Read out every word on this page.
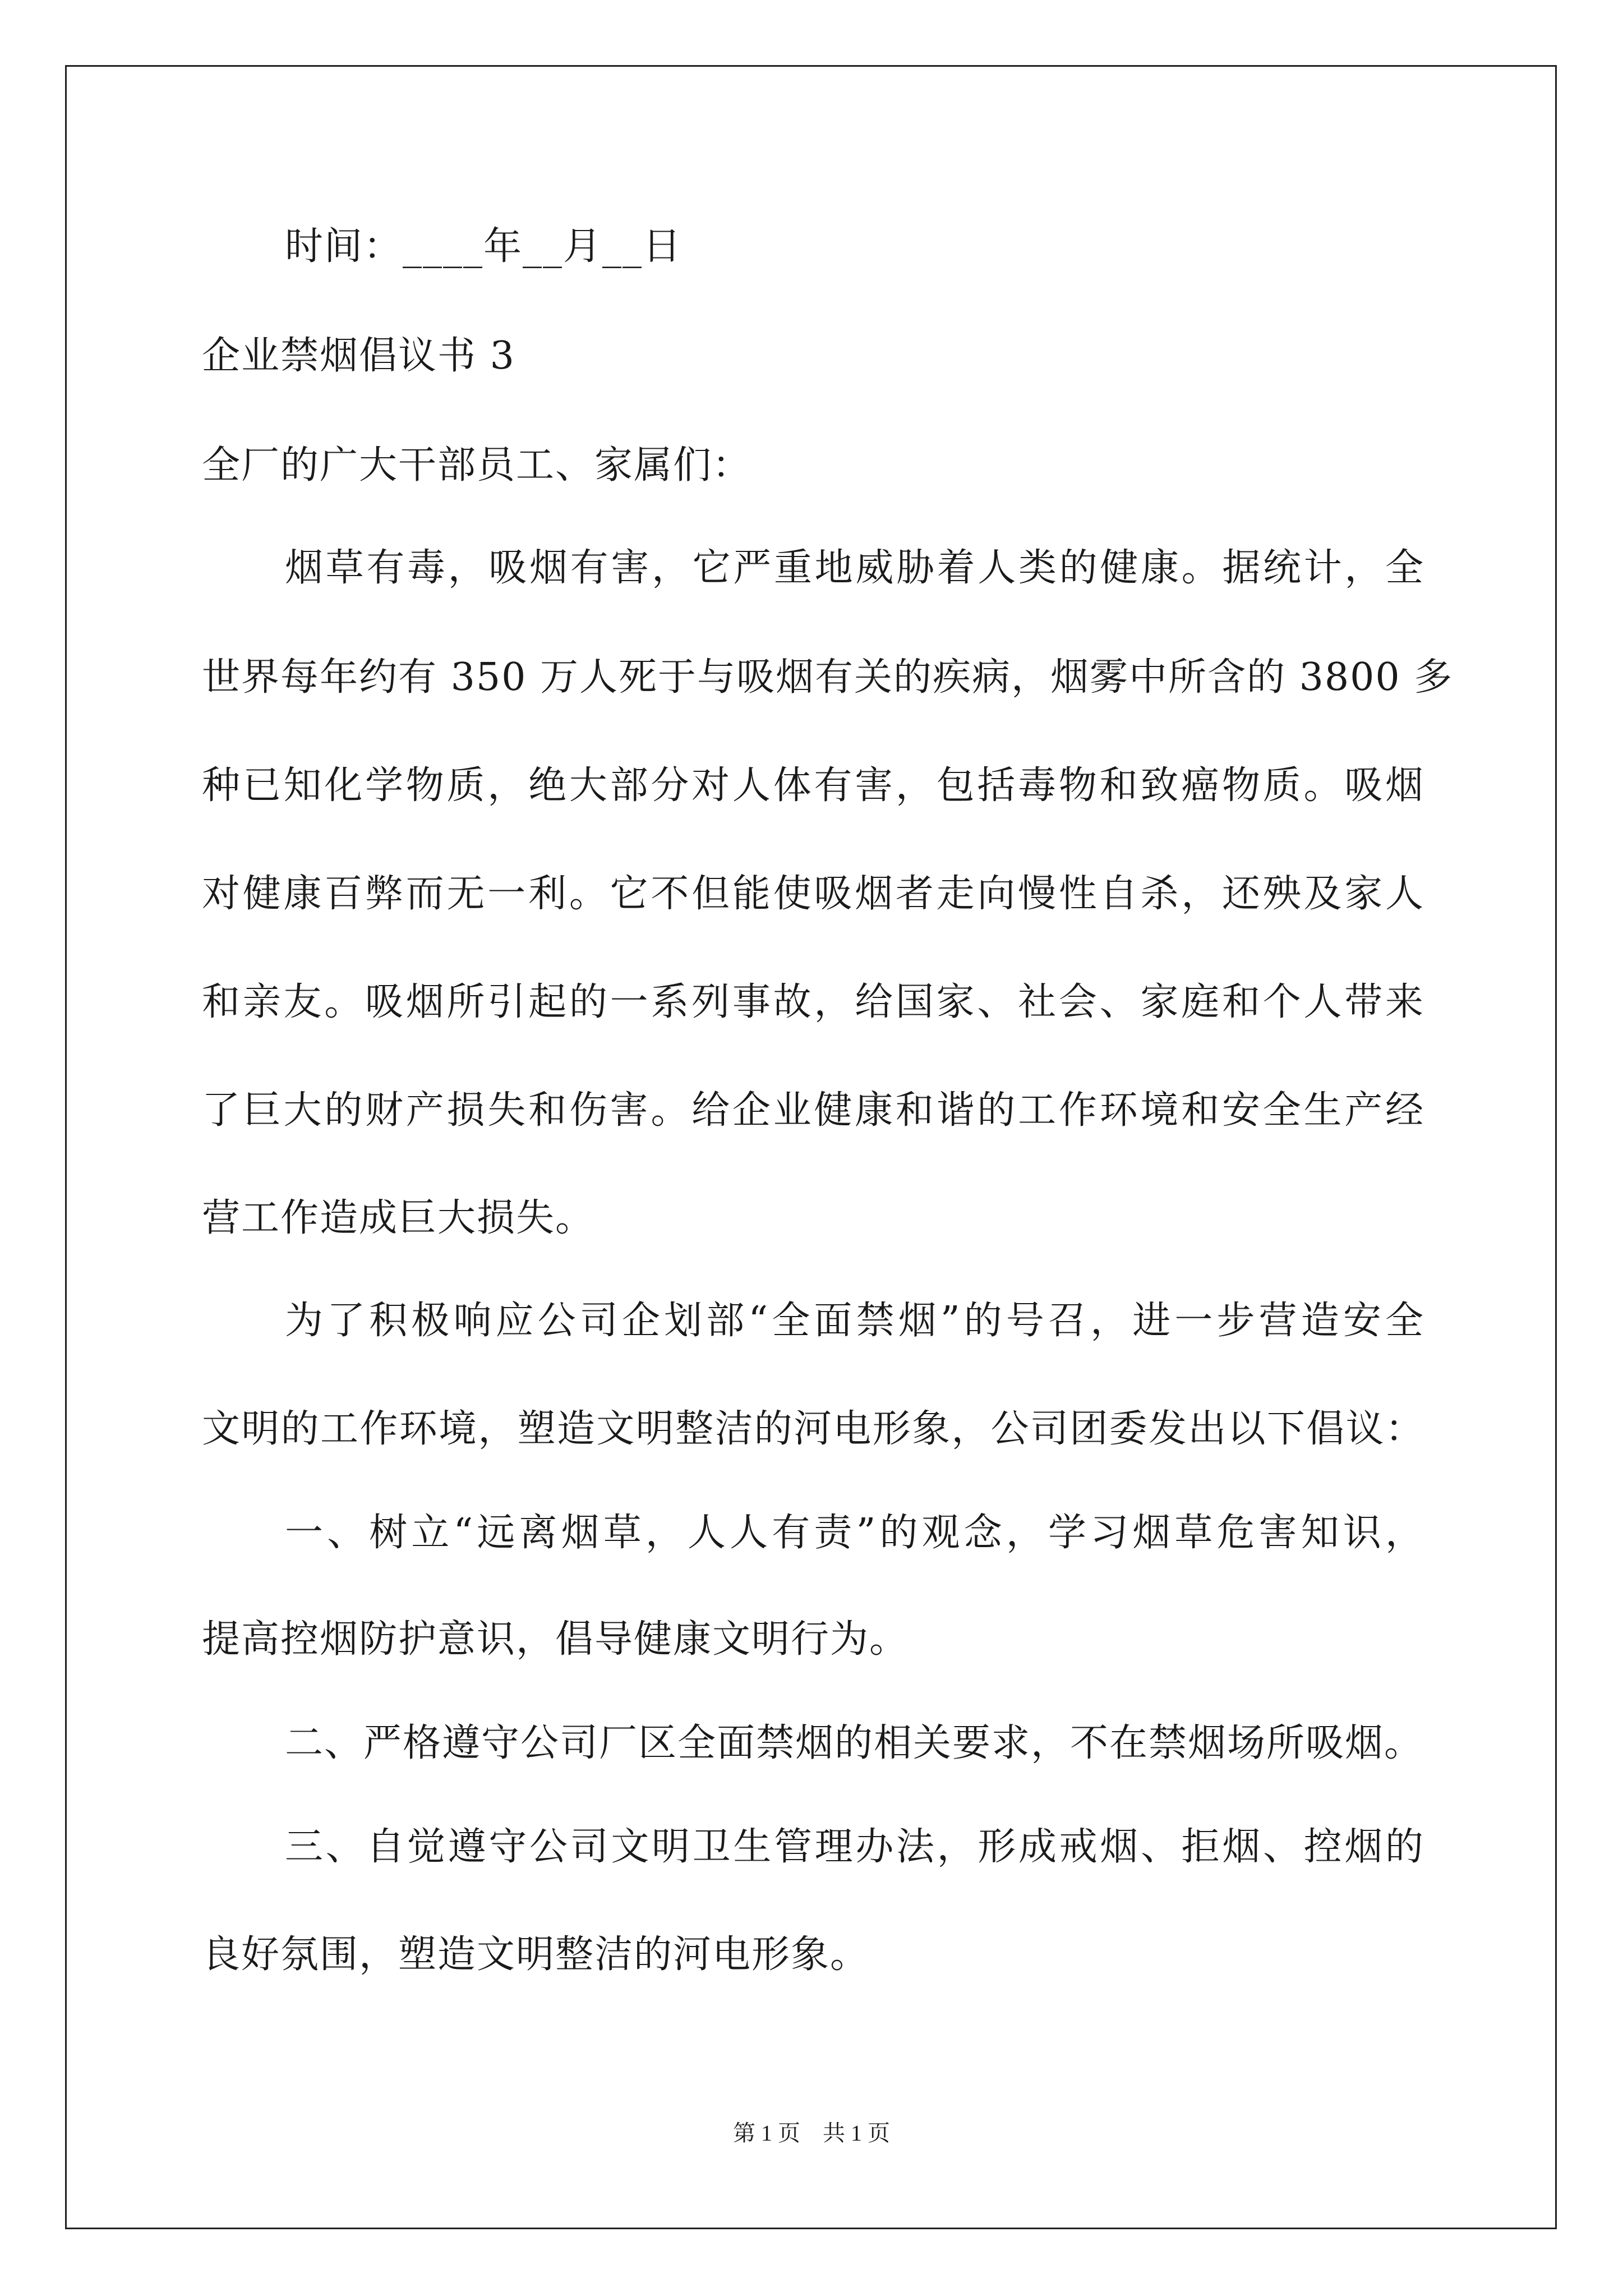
时间：____年__月__日
企业禁烟倡议书 3
全厂的广大干部员工、家属们：
烟草有毒，吸烟有害，它严重地威胁着人类的健康。据统计，全
世界每年约有 350 万人死于与吸烟有关的疾病，烟雾中所含的 3800 多
种已知化学物质，绝大部分对人体有害，包括毒物和致癌物质。吸烟
对健康百弊而无一利。它不但能使吸烟者走向慢性自杀，还殃及家人
和亲友。吸烟所引起的一系列事故，给国家、社会、家庭和个人带来
了巨大的财产损失和伤害。给企业健康和谐的工作环境和安全生产经
营工作造成巨大损失。
为了积极响应公司企划部“全面禁烟”的号召，进一步营造安全
文明的工作环境，塑造文明整洁的河电形象，公司团委发出以下倡议：
一、树立“远离烟草，人人有责”的观念，学习烟草危害知识，
提高控烟防护意识，倡导健康文明行为。
二、严格遵守公司厂区全面禁烟的相关要求，不在禁烟场所吸烟。
三、自觉遵守公司文明卫生管理办法，形成戒烟、拒烟、控烟的
良好氛围，塑造文明整洁的河电形象。
第 1 页　共 1 页
